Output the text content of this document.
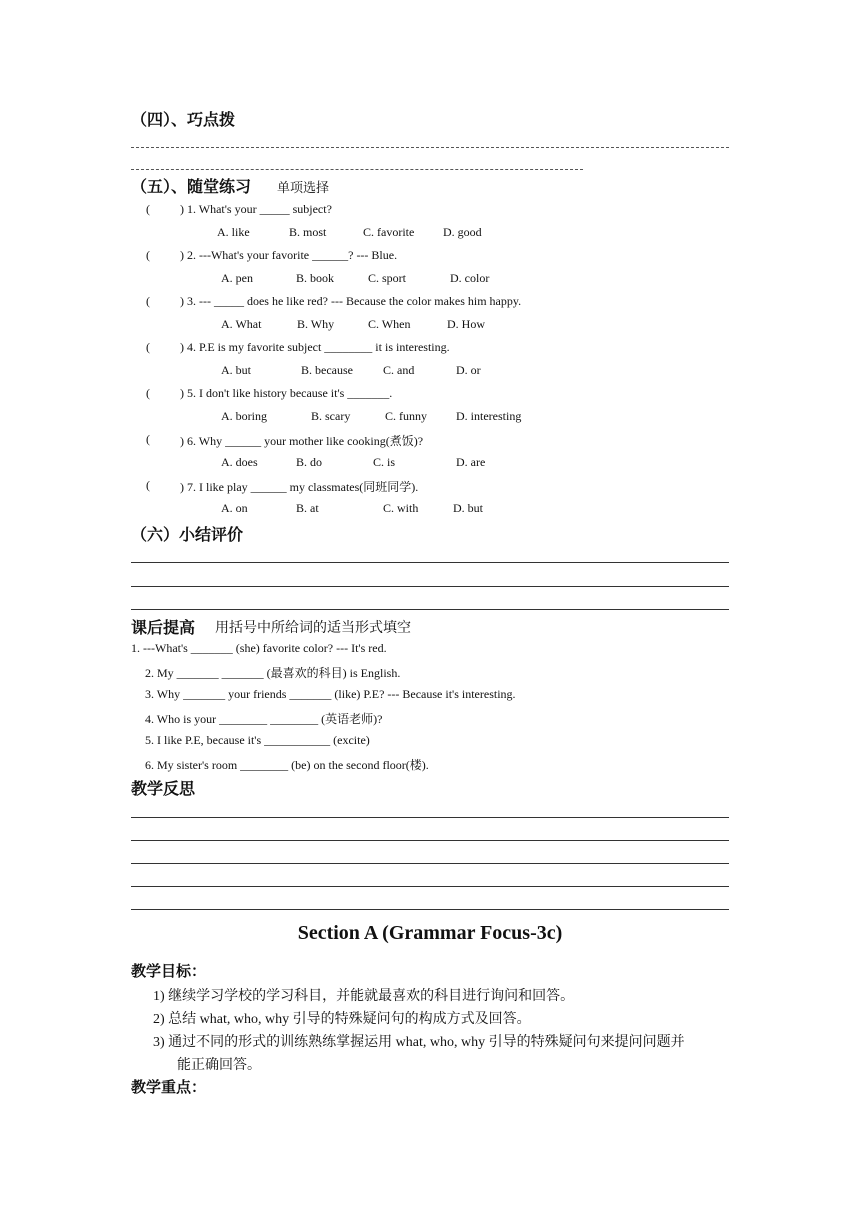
（四）、巧点拨
（五）、随堂练习 单项选择
(	) 1. What's your _____ subject?
A. like	B. most	C. favorite D. good
(	) 2. ---What's your favorite ______? --- Blue.
A. pen	B. book	C. sport	D. color
(	) 3. --- _____ does he like red? --- Because the color makes him happy.
A. What	B. Why	C. When	D. How
(	) 4. P.E is my favorite subject ________ it is interesting.
A. but	B. because	C. and	D. or
(	) 5. I don't like history because it's _______.
A. boring	B. scary	C. funny D. interesting
(	) 6. Why ______ your mother like cooking(煮饭)?
A. does	B. do	C. is	D. are
(	) 7. I like play ______ my classmates(同班同学).
A. on	B. at	C. with	D. but
（六）小结评价
课后提高 用括号中所给词的适当形式填空
1. ---What's _______ (she) favorite color? --- It's red.
2. My _______ _______ (最喜欢的科目) is English.
3. Why _______ your friends _______ (like) P.E? --- Because it's interesting.
4. Who is your ________ ________ (英语老师)?
5. I like P.E, because it's ___________ (excite)
6. My sister's room ________ (be) on the second floor(楼).
教学反思
Section A (Grammar Focus-3c)
教学目标：
1) 继续学习学校的学习科目，并能就最喜欢的科目进行询问和回答。
2) 总结 what, who, why 引导的特殊疑问句的构成方式及回答。
3) 通过不同的形式的训练熟练掌握运用 what, who, why 引导的特殊疑问句来提问问题并
能正确回答。
教学重点：
